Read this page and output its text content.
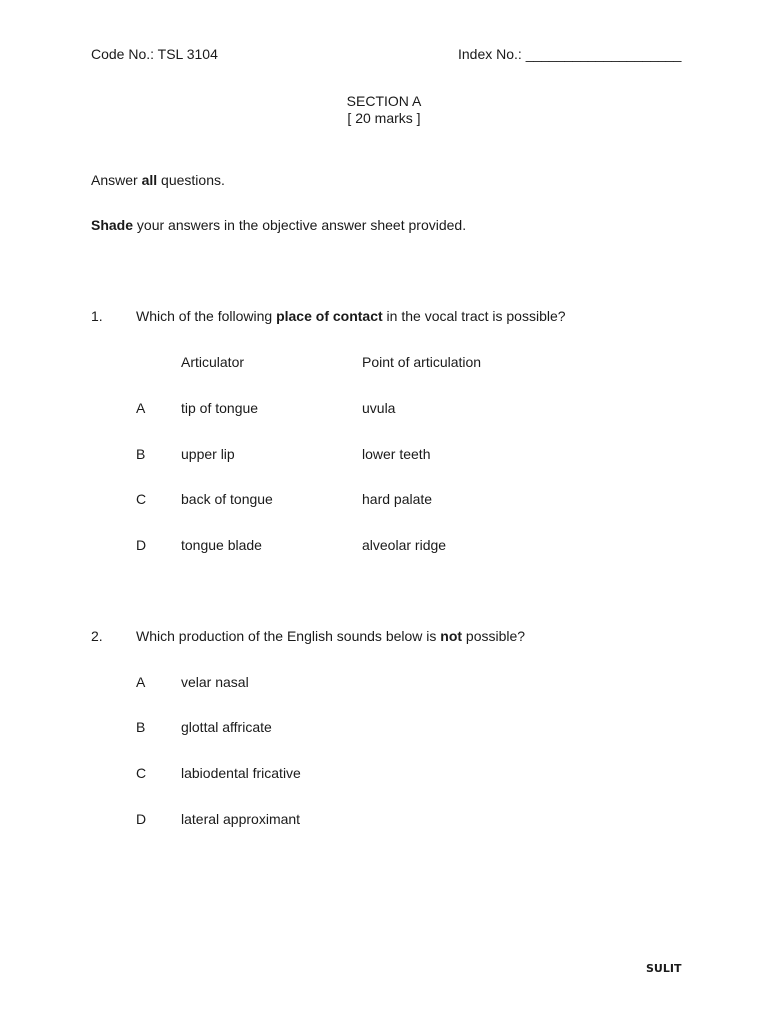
Code No.: TSL 3104	Index No.: ____________________
SECTION A
[ 20 marks ]
Answer all questions.
Shade your answers in the objective answer sheet provided.
1. Which of the following place of contact in the vocal tract is possible?
Articulator	Point of articulation
A	tip of tongue	uvula
B	upper lip	lower teeth
C back of tongue	hard palate
D tongue blade	alveolar ridge
2. Which production of the English sounds below is not possible?
A	velar nasal
B	glottal affricate
C labiodental fricative
D lateral approximant
SULIT
